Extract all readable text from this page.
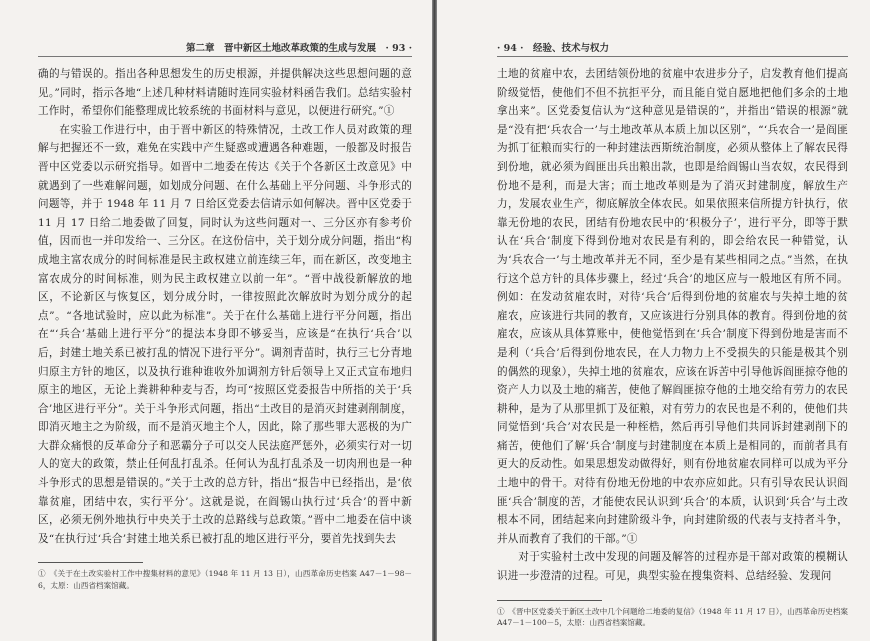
第二章　晋中新区土地改革政策的生成与发展　· 93 ·

确的与错误的。指出各种思想发生的历史根源，并提供解决这些思想问题的意见。”同时，指示各地“上述几种材料请随时连同实验材料函告我们。总结实验村工作时，希望你们能整理成比较系统的书面材料与意见，以便进行研究。”①

在实验工作进行中，由于晋中新区的特殊情况，土改工作人员对政策的理解与把握还不一致，难免在实践中产生疑惑或遭遇各种难题，一般都及时报告晋中区党委以示研究指导。如晋中二地委在传达《关于个各新区土改意见》中就遇到了一些难解问题，如划成分问题、在什么基础上平分问题、斗争形式的问题等，并于 1948 年 11 月 7 日给区党委去信请示如何解决。晋中区党委于 11 月 17 日给二地委做了回复，同时认为这些问题对一、三分区亦有参考价值，因而也一并印发给一、三分区。在这份信中，关于划分成分问题，指出“构成地主富农成分的时间标准是民主政权建立前连续三年，而在新区，改变地主富农成分的时间标准，则为民主政权建立以前一年”。“晋中战役新解放的地区，不论新区与恢复区，划分成分时，一律按照此次解放时为划分成分的起点”。“各地试验时，应以此为标准”。关于在什么基础上进行平分问题，指出在“‘兵合’基础上进行平分”的提法本身即不够妥当，应该是“在执行‘兵合’以后，封建土地关系已被打乱的情况下进行平分”。调剂青苗时，执行三七分青地归原主方针的地区，以及执行谁种谁收外加调剂方针后领导上又正式宣布地归原主的地区，无论上粪耕种种麦与否，均可“按照区党委报告中所指的关于‘兵合’地区进行平分”。关于斗争形式问题，指出“土改目的是消灭封建剥削制度，即消灭地主之为阶级，而不是消灭地主个人，因此，除了那些罪大恶极的为广大群众痛恨的反革命分子和恶霸分子可以交人民法庭严惩外，必须实行对一切人的宽大的政策，禁止任何乱打乱杀。任何认为乱打乱杀及一切肉刑也是一种斗争形式的思想是错误的。”关于土改的总方针，指出“报告中已经指出，是‘依靠贫雇，团结中农，实行平分’。这就是说，在阎锡山执行过‘兵合’的晋中新区，必须无例外地执行中央关于土改的总路线与总政策。”晋中二地委在信中谈及“在执行过‘兵合’封建土地关系已被打乱的地区进行平分，要首先找到失去

①　《关于在土改实验村工作中搜集材料的意见》（1948 年 11 月 13 日），山西革命历史档案 A47－1－98－6，太原：山西省档案馆藏。
· 94 ·　经验、技术与权力

土地的贫雇中农，去团结领份地的贫雇中农进步分子，启发教育他们提高阶级觉悟，使他们不但不抗拒平分，而且能自觉自愿地把他们多余的土地拿出来”。区党委复信认为“这种意见是错误的”，并指出“错误的根源”就是“没有把‘兵农合一’与土地改革从本质上加以区别”，“‘兵农合一’是阎匪为抓丁征粮而实行的一种封建法西斯统治制度，必须从整体上了解农民得到份地，就必须为阎匪出兵出粮出款，也即是给阎锡山当农奴，农民得到份地不是利，而是大害；而土地改革则是为了消灭封建制度，解放生产力，发展农业生产，彻底解放全体农民。如果依照来信所提方针执行，依靠无份地的农民，团结有份地农民中的‘积极分子’，进行平分，即等于默认在‘兵合’制度下得到份地对农民是有利的，即会给农民一种错觉，认为‘兵农合一’与土地改革并无不同，至少是有某些相同之点。”当然，在执行这个总方针的具体步骤上，经过‘兵合’的地区应与一般地区有所不同。例如：在发动贫雇农时，对待‘兵合’后得到份地的贫雇农与失掉土地的贫雇农，应该进行共同的教育，又应该进行分别具体的教育。得到份地的贫雇农，应该从具体算账中，使他觉悟到在‘兵合’制度下得到份地是害而不是利（‘兵合’后得到份地农民，在人力物力上不受损失的只能是极其个别的偶然的现象），失掉土地的贫雇农，应该在诉苦中引导他诉阎匪掠夺他的资产人力以及土地的痛苦，使他了解阎匪掠夺他的土地交给有劳力的农民耕种，是为了从那里抓丁及征粮，对有劳力的农民也是不利的，使他们共同觉悟到‘兵合’对农民是一种桎梏，然后再引导他们共同诉封建剥削下的痛苦，使他们了解‘兵合’制度与封建制度在本质上是相同的，而前者具有更大的反动性。如果思想发动做得好，则有份地贫雇农同样可以成为平分土地中的骨干。对待有份地无份地的中农亦应如此。只有引导农民认识阎匪‘兵合’制度的苦，才能使农民认识到‘兵合’的本质，认识到‘兵合’与土改根本不同，团结起来向封建阶级斗争，向封建阶级的代表与支持者斗争，并从而教育了我们的干部。”①

对于实验村土改中发现的问题及解答的过程亦是干部对政策的模糊认识进一步澄清的过程。可见，典型实验在搜集资料、总结经验、发现问

①　《晋中区党委关于新区土改中几个问题给二地委的复信》（1948 年 11 月 17 日），山西革命历史档案 A47－1－100－5，太原：山西省档案馆藏。
